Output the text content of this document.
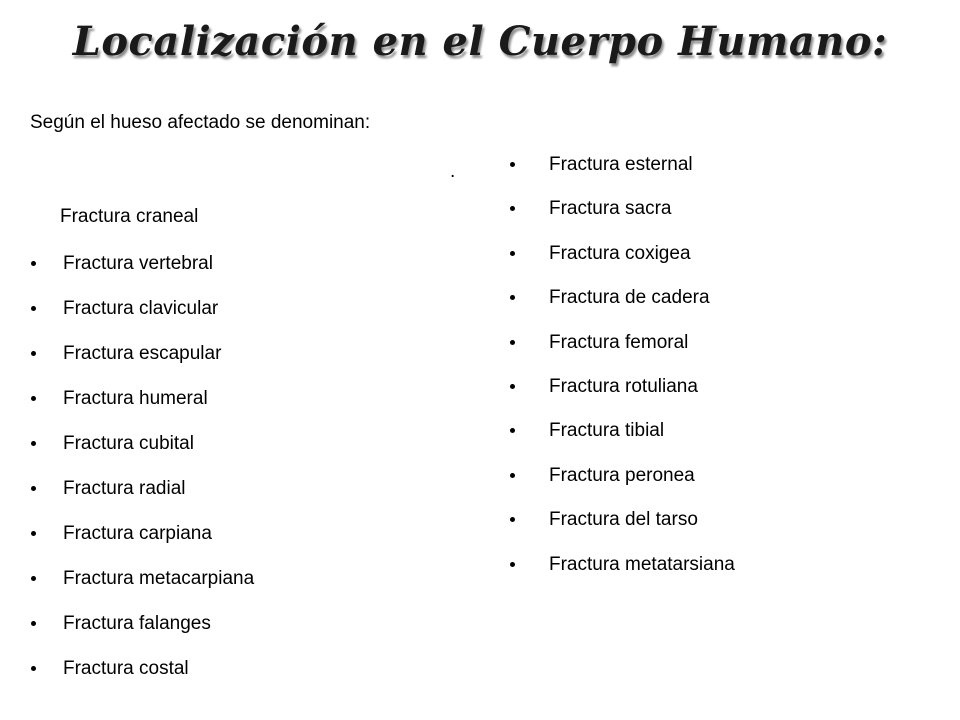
Localización en el Cuerpo Humano:
Según el hueso afectado se denominan:
.
Fractura craneal
Fractura vertebral
Fractura clavicular
Fractura escapular
Fractura humeral
Fractura cubital
Fractura radial
Fractura carpiana
Fractura metacarpiana
Fractura falanges
Fractura costal
Fractura esternal
Fractura sacra
Fractura coxigea
Fractura de cadera
Fractura femoral
Fractura rotuliana
Fractura tibial
Fractura peronea
Fractura del tarso
Fractura metatarsiana
